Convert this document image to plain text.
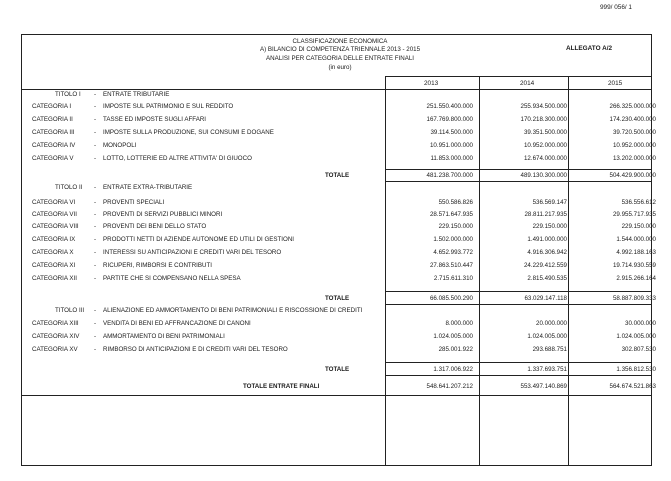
999/ 056/ 1
CLASSIFICAZIONE ECONOMICA
A) BILANCIO DI COMPETENZA TRIENNALE 2013 - 2015
ANALISI PER CATEGORIA DELLE ENTRATE FINALI
(in euro)
ALLEGATO A/2
2013	2014	2015
TITOLO I - ENTRATE TRIBUTARIE
CATEGORIA I	- IMPOSTE SUL PATRIMONIO E SUL REDDITO	251.550.400.000	255.934.500.000	266.325.000.000
CATEGORIA II	- TASSE ED IMPOSTE SUGLI AFFARI	167.769.800.000	170.218.300.000	174.230.400.000
CATEGORIA III	- IMPOSTE SULLA PRODUZIONE, SUI CONSUMI E DOGANE	39.114.500.000	39.351.500.000	39.720.500.000
CATEGORIA IV	- MONOPOLI	10.951.000.000	10.952.000.000	10.952.000.000
CATEGORIA V	- LOTTO, LOTTERIE ED ALTRE ATTIVITA' DI GIUOCO	11.853.000.000	12.674.000.000	13.202.000.000
TOTALE	481.238.700.000	489.130.300.000	504.429.900.000
TITOLO II - ENTRATE EXTRA-TRIBUTARIE
CATEGORIA VI	- PROVENTI SPECIALI	550.586.826	536.569.147	536.556.612
CATEGORIA VII	- PROVENTI DI SERVIZI PUBBLICI MINORI	28.571.647.935	28.811.217.935	29.955.717.935
CATEGORIA VIII - PROVENTI DEI BENI DELLO STATO	229.150.000	229.150.000	229.150.000
CATEGORIA IX	- PRODOTTI NETTI DI AZIENDE AUTONOME ED UTILI DI GESTIONI	1.502.000.000	1.491.000.000	1.544.000.000
CATEGORIA X	- INTERESSI SU ANTICIPAZIONI E CREDITI VARI DEL TESORO	4.652.993.772	4.916.306.942	4.992.188.163
CATEGORIA XI	- RICUPERI, RIMBORSI E CONTRIBUTI	27.863.510.447	24.229.412.559	19.714.930.559
CATEGORIA XII	- PARTITE CHE SI COMPENSANO NELLA SPESA	2.715.611.310	2.815.490.535	2.915.266.164
TOTALE	66.085.500.290	63.029.147.118	58.887.809.333
TITOLO III - ALIENAZIONE ED AMMORTAMENTO DI BENI PATRIMONIALI E RISCOSSIONE DI CREDITI
CATEGORIA XIII - VENDITA DI BENI ED AFFRANCAZIONE DI CANONI	8.000.000	20.000.000	30.000.000
CATEGORIA XIV - AMMORTAMENTO DI BENI PATRIMONIALI	1.024.005.000	1.024.005.000	1.024.005.000
CATEGORIA XV	- RIMBORSO DI ANTICIPAZIONI E DI CREDITI VARI DEL TESORO	285.001.922	293.688.751	302.807.530
TOTALE	1.317.006.922	1.337.693.751	1.356.812.530
TOTALE ENTRATE FINALI	548.641.207.212	553.497.140.869	564.674.521.863
